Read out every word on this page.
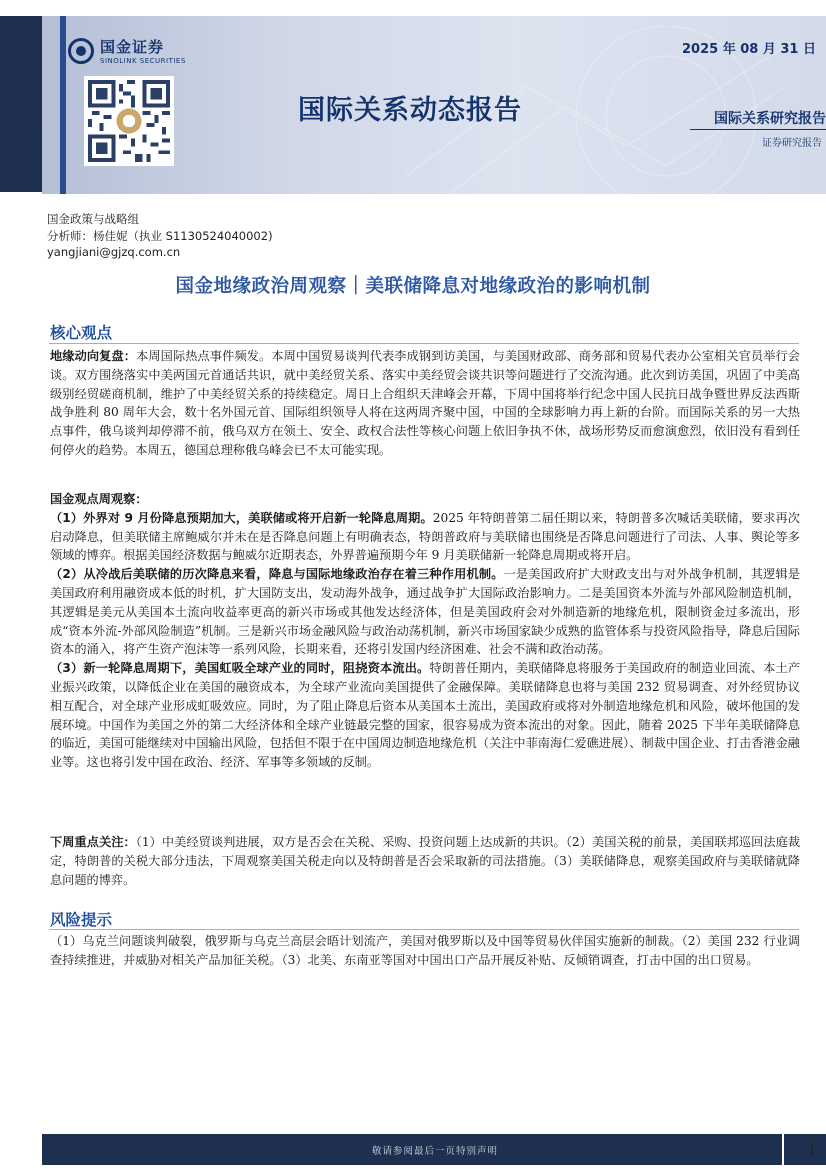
国金证券
SINOLINK SECURITIES
2025 年 08 月 31 日
国际关系动态报告	国际关系研究报告
证券研究报告
国金政策与战略组
分析师：杨佳妮（执业 S1130524040002)
yangjiani@gjzq.com.cn
国金地缘政治周观察｜美联储降息对地缘政治的影响机制
核心观点

地缘动向复盘：本周国际热点事件频发。本周中国贸易谈判代表李成钢到访美国，与美国财政部、商务部和贸易代表办公室相关官员举行会谈。双方围绕落实中美两国元首通话共识，就中美经贸关系、落实中美经贸会谈共识等问题进行了交流沟通。此次到访美国，巩固了中美高级别经贸磋商机制，维护了中美经贸关系的持续稳定。周日上合组织天津峰会开幕，下周中国将举行纪念中国人民抗日战争暨世界反法西斯战争胜利 80 周年大会，数十名外国元首、国际组织领导人将在这两周齐聚中国，中国的全球影响力再上新的台阶。而国际关系的另一大热点事件，俄乌谈判却停滞不前，俄乌双方在领土、安全、政权合法性等核心问题上依旧争执不休，战场形势反而愈演愈烈，依旧没有看到任何停火的趋势。本周五，德国总理称俄乌峰会已不太可能实现。

国金观点周观察：

（1）外界对 9 月份降息预期加大，美联储或将开启新一轮降息周期。2025 年特朗普第二届任期以来，特朗普多次喊话美联储，要求再次启动降息，但美联储主席鲍威尔并未在是否降息问题上有明确表态，特朗普政府与美联储也围绕是否降息问题进行了司法、人事、舆论等多领域的博弈。根据美国经济数据与鲍威尔近期表态，外界普遍预期今年 9 月美联储新一轮降息周期或将开启。

（2）从冷战后美联储的历次降息来看，降息与国际地缘政治存在着三种作用机制。一是美国政府扩大财政支出与对外战争机制，其逻辑是美国政府利用融资成本低的时机，扩大国防支出，发动海外战争，通过战争扩大国际政治影响力。二是美国资本外流与外部风险制造机制，其逻辑是美元从美国本土流向收益率更高的新兴市场或其他发达经济体，但是美国政府会对外制造新的地缘危机，限制资金过多流出，形成“资本外流-外部风险制造”机制。三是新兴市场金融风险与政治动荡机制，新兴市场国家缺少成熟的监管体系与投资风险指导，降息后国际资本的涌入，将产生资产泡沫等一系列风险，长期来看，还将引发国内经济困难、社会不满和政治动荡。

（3）新一轮降息周期下，美国虹吸全球产业的同时，阻挠资本流出。特朗普任期内，美联储降息将服务于美国政府的制造业回流、本土产业振兴政策，以降低企业在美国的融资成本，为全球产业流向美国提供了金融保障。美联储降息也将与美国 232 贸易调查、对外经贸协议相互配合，对全球产业形成虹吸效应。同时，为了阻止降息后资本从美国本土流出，美国政府或将对外制造地缘危机和风险，破坏他国的发展环境。中国作为美国之外的第二大经济体和全球产业链最完整的国家，很容易成为资本流出的对象。因此，随着 2025 下半年美联储降息的临近，美国可能继续对中国输出风险，包括但不限于在中国周边制造地缘危机（关注中菲南海仁爱礁进展）、制裁中国企业、打击香港金融业等。这也将引发中国在政治、经济、军事等多领域的反制。

下周重点关注：（1）中美经贸谈判进展，双方是否会在关税、采购、投资问题上达成新的共识。（2）美国关税的前景，美国联邦巡回法庭裁定，特朗普的关税大部分违法，下周观察美国关税走向以及特朗普是否会采取新的司法措施。（3）美联储降息，观察美国政府与美联储就降息问题的博弈。

风险提示

（1）乌克兰问题谈判破裂，俄罗斯与乌克兰高层会晤计划流产，美国对俄罗斯以及中国等贸易伙伴国实施新的制裁。（2）美国 232 行业调查持续推进，并威胁对相关产品加征关税。（3）北美、东南亚等国对中国出口产品开展反补贴、反倾销调查，打击中国的出口贸易。

敬请参阅最后一页特别声明	1
